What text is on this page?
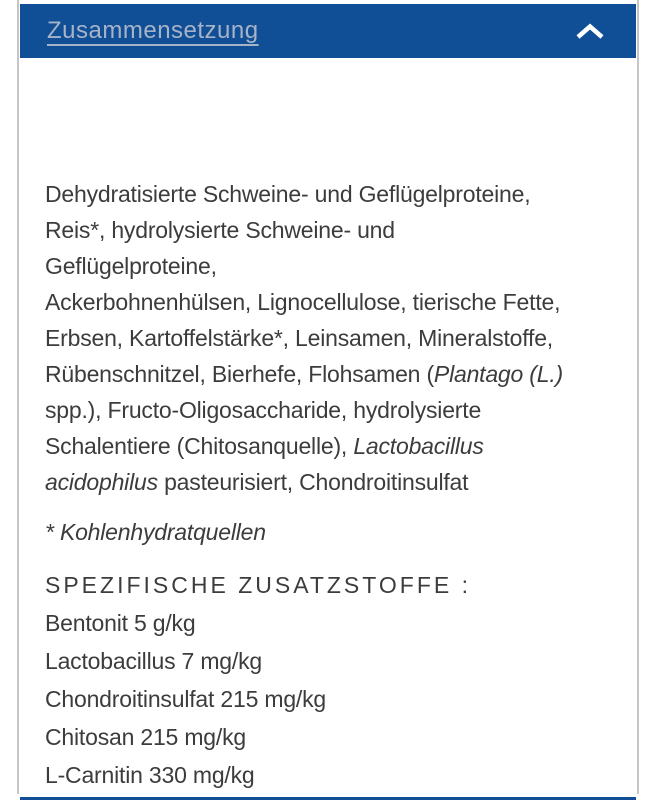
Zusammensetzung
Dehydratisierte Schweine- und Geflügelproteine,
Reis*, hydrolysierte Schweine- und
Geflügelproteine,
Ackerbohnenhülsen, Lignocellulose, tierische Fette,
Erbsen, Kartoffelstärke*, Leinsamen, Mineralstoffe,
Rübenschnitzel, Bierhefe, Flohsamen (Plantago (L.)
spp.), Fructo-Oligosaccharide, hydrolysierte
Schalentiere (Chitosanquelle), Lactobacillus
acidophilus pasteurisiert, Chondroitinsulfat
* Kohlenhydratquellen
SPEZIFISCHE ZUSATZSTOFFE :
Bentonit 5 g/kg
Lactobacillus 7 mg/kg
Chondroitinsulfat 215 mg/kg
Chitosan 215 mg/kg
L-Carnitin 330 mg/kg
